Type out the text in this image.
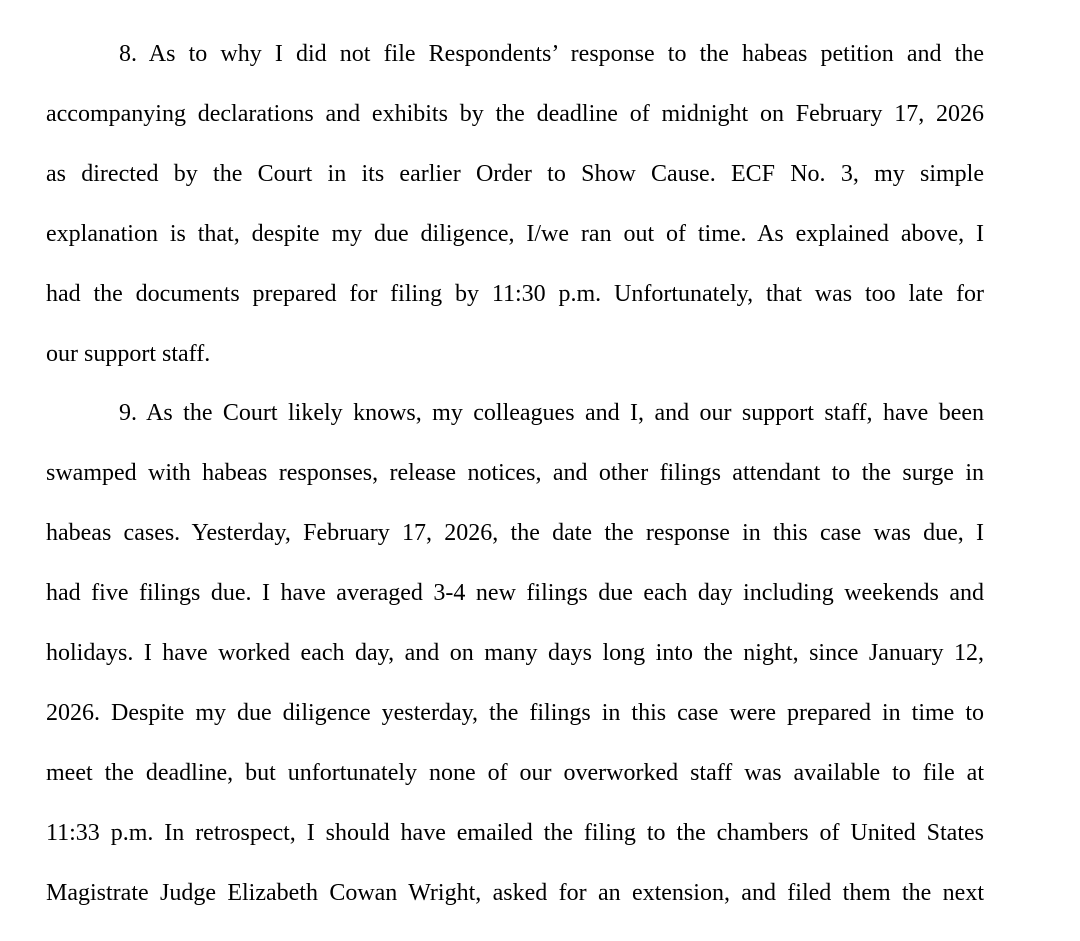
8. As to why I did not file Respondents’ response to the habeas petition and the
accompanying declarations and exhibits by the deadline of midnight on February 17, 2026
as directed by the Court in its earlier Order to Show Cause. ECF No. 3, my simple
explanation is that, despite my due diligence, I/we ran out of time. As explained above, I
had the documents prepared for filing by 11:30 p.m. Unfortunately, that was too late for
our support staff.
9. As the Court likely knows, my colleagues and I, and our support staff, have been
swamped with habeas responses, release notices, and other filings attendant to the surge in
habeas cases. Yesterday, February 17, 2026, the date the response in this case was due, I
had five filings due. I have averaged 3-4 new filings due each day including weekends and
holidays. I have worked each day, and on many days long into the night, since January 12,
2026. Despite my due diligence yesterday, the filings in this case were prepared in time to
meet the deadline, but unfortunately none of our overworked staff was available to file at
11:33 p.m. In retrospect, I should have emailed the filing to the chambers of United States
Magistrate Judge Elizabeth Cowan Wright, asked for an extension, and filed them the next
